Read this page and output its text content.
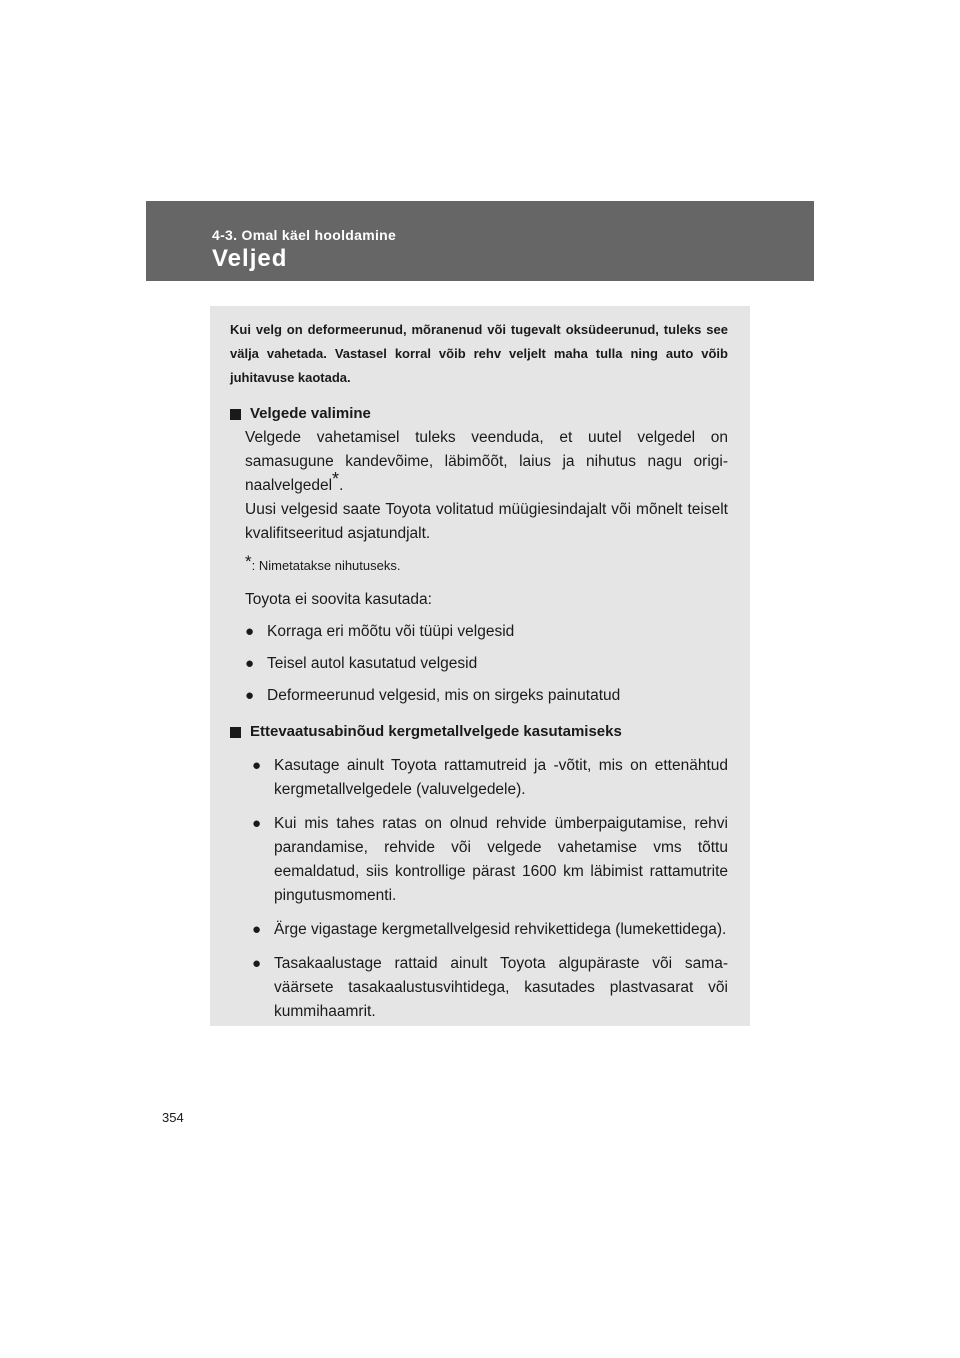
4-3. Omal käel hooldamine
Veljed

Kui velg on deformeerunud, mõranenud või tugevalt oksüdeerunud, tuleks see välja vahetada. Vastasel korral võib rehv veljelt maha tulla ning auto võib juhitavuse kaotada.

Velgede valimine

Velgede vahetamisel tuleks veenduda, et uutel velgedel on samasugune kandevõime, läbimõõt, laius ja nihutus nagu originaalvelgedel*.

Uusi velgesid saate Toyota volitatud müügiesindajalt või mõnelt teiselt kvalifitseeritud asjatundjalt.

*: Nimetatakse nihutuseks.
Toyota ei soovita kasutada:
● Korraga eri mõõtu või tüüpi velgesid
● Teisel autol kasutatud velgesid
● Deformeerunud velgesid, mis on sirgeks painutatud
Ettevaatusabinõud kergmetallvelgede kasutamiseks
● Kasutage ainult Toyota rattamutreid ja -võtit, mis on ettenähtud kergmetallvelgedele (valuvelgedele).
● Kui mis tahes ratas on olnud rehvide ümberpaigutamise, rehvi parandamise, rehvide või velgede vahetamise vms tõttu eemaldatud, siis kontrollige pärast 1600 km läbimist rattamutrite pingutusmomenti.
● Ärge vigastage kergmetallvelgesid rehvikettidega (lumekettidega).
● Tasakaalustage rattaid ainult Toyota algupäraste või samaväärsete tasakaalustusvihtidega, kasutades plastvasarat või kummihaamrit.
354
